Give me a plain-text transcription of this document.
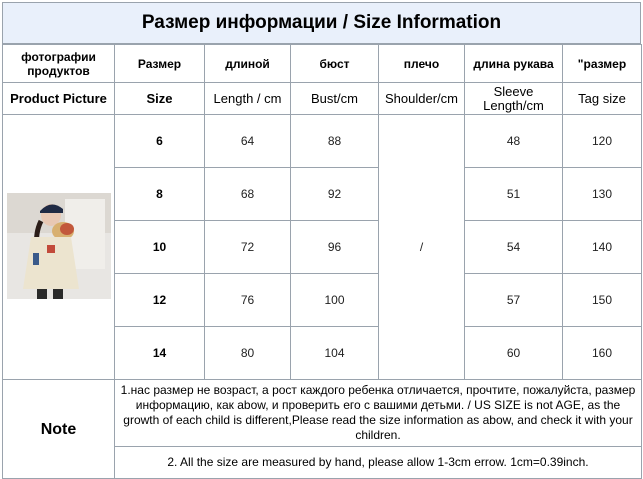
Размер информации / Size Information
фотографии продуктов	Размер	длиной	бюст	плечо	длина рукава	"размер
Product Picture	Size	Length / cm	Bust/cm	Shoulder/cm	Sleeve Length/cm	Tag size
	6	64	88	/	48	120
	8	68	92		51	130
	10	72	96		54	140
	12	76	100		57	150
	14	80	104		60	160
Note	1.нас размер не возраст, а рост каждого ребенка отличается, прочтите, пожалуйста, размер информацию, как abow, и проверить его с вашими детьми. / US SIZE is not AGE, as the growth of each child is different,Please read the size information as abow, and check it with your children.					
	2. All the size are measured by hand, please allow 1-3cm errow. 1cm=0.39inch.					
